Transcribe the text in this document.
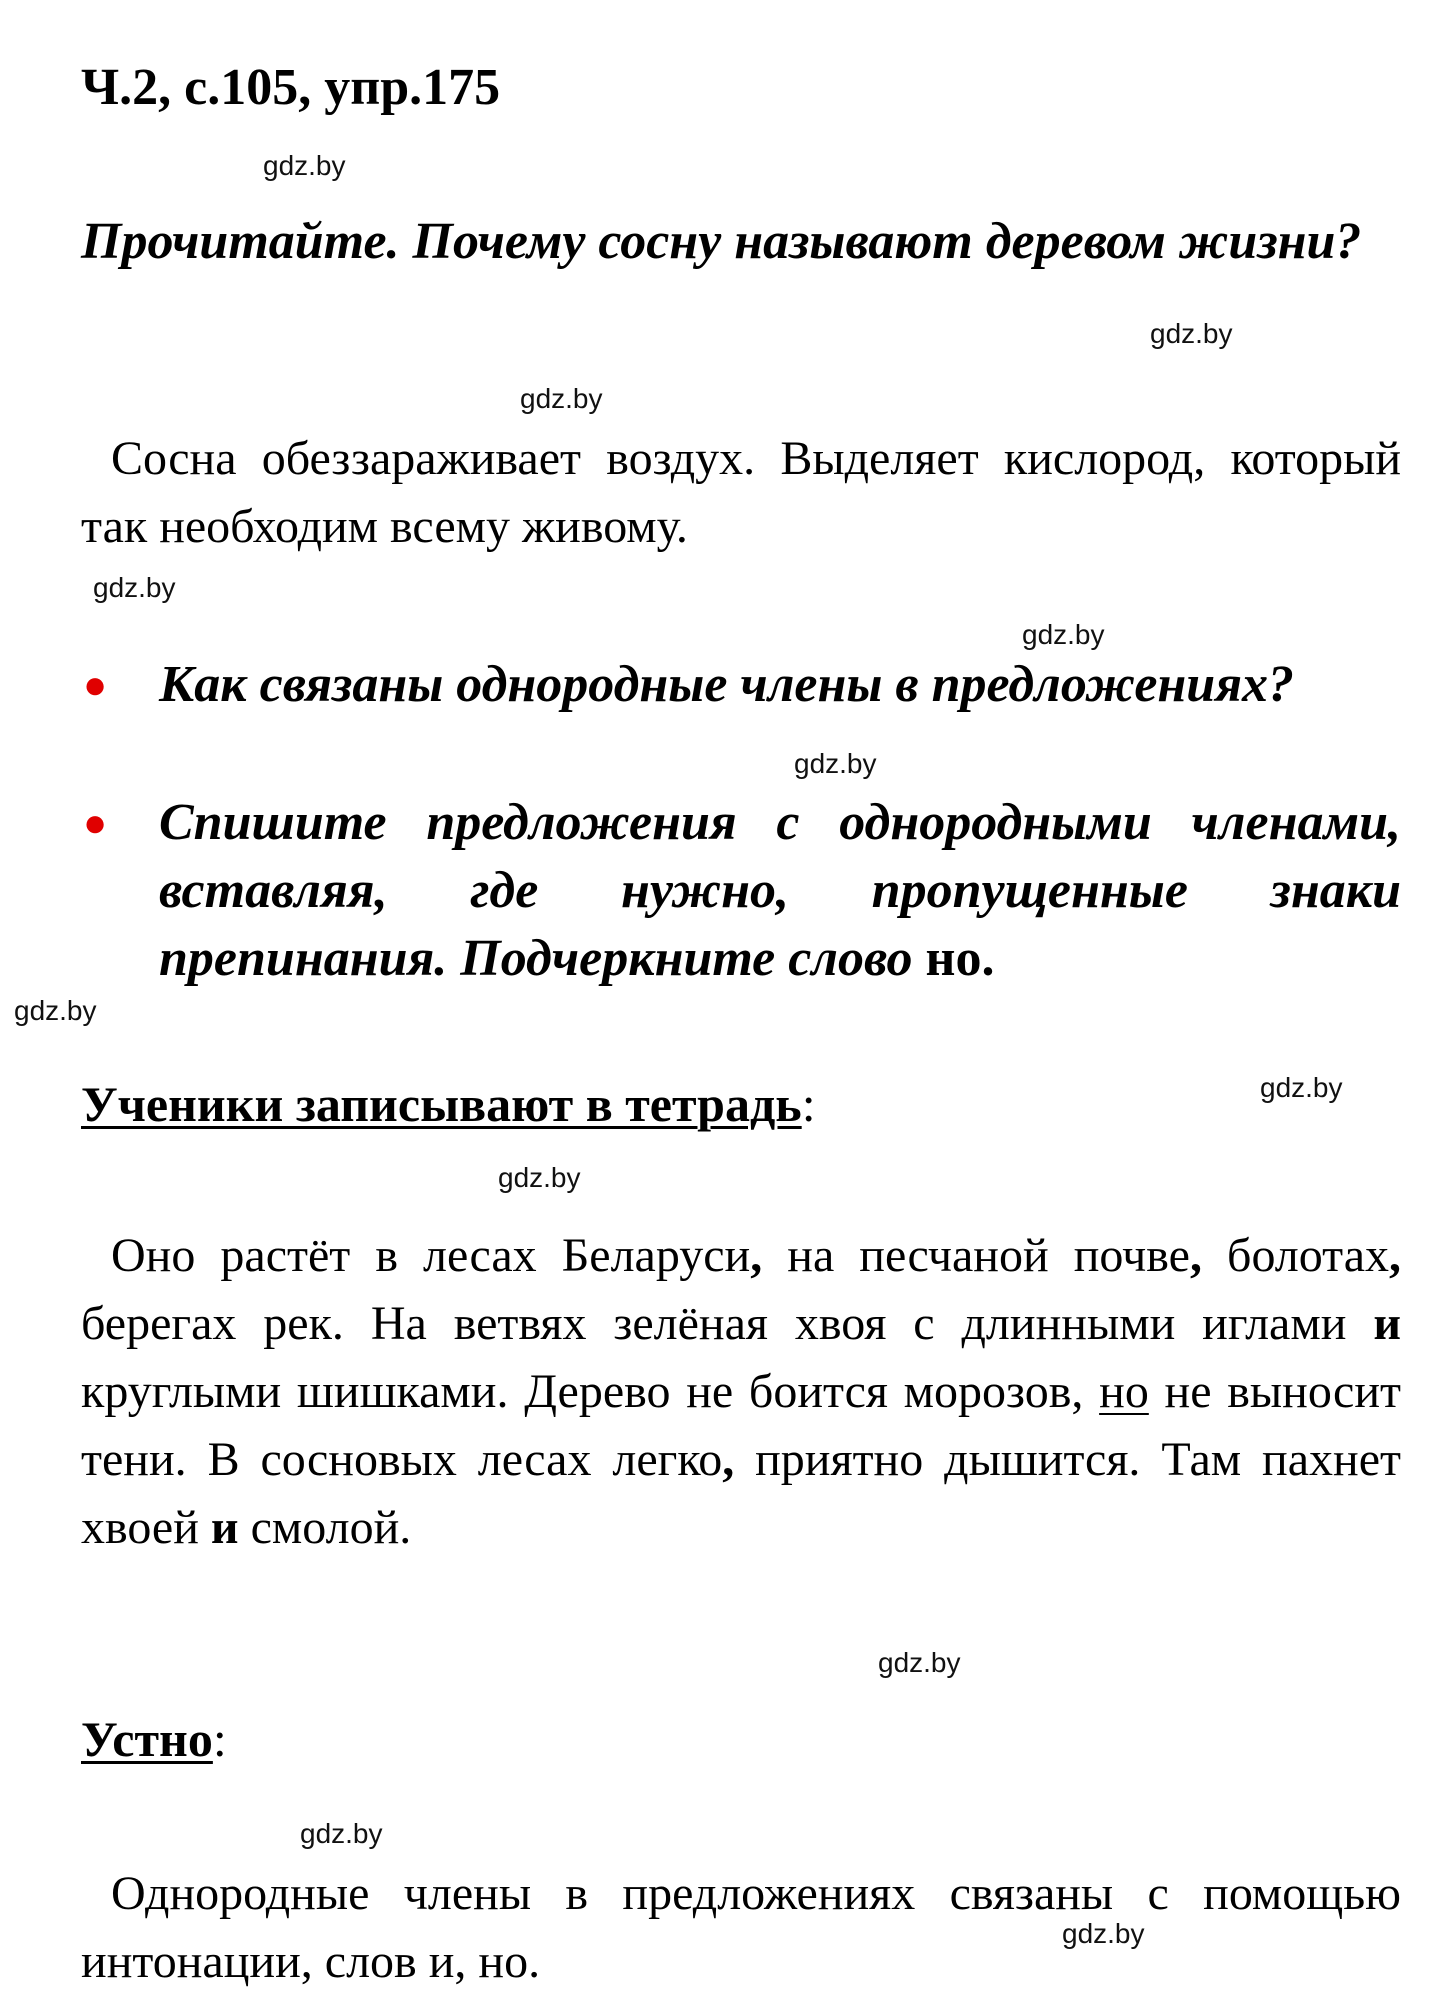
Ч.2, с.105, упр.175
gdz.by
Прочитайте. Почему сосну называют деревом жизни?
gdz.by
gdz.by
Сосна обеззараживает воздух. Выделяет кислород, который так необходим всему живому.
gdz.by
gdz.by
● Как связаны однородные члены в предложениях?
gdz.by
● Спишите предложения с однородными членами, вставляя, где нужно, пропущенные знаки препинания. Подчеркните слово но.
gdz.by
gdz.by
Ученики записывают в тетрадь:
gdz.by
Оно растёт в лесах Беларуси, на песчаной почве, болотах, берегах рек. На ветвях зелёная хвоя с длинными иглами и круглыми шишками. Дерево не боится морозов, но не выносит тени. В сосновых лесах легко, приятно дышится. Там пахнет хвоей и смолой.
gdz.by
Устно:
gdz.by
Однородные члены в предложениях связаны с помощью интонации, слов и, но.
gdz.by
